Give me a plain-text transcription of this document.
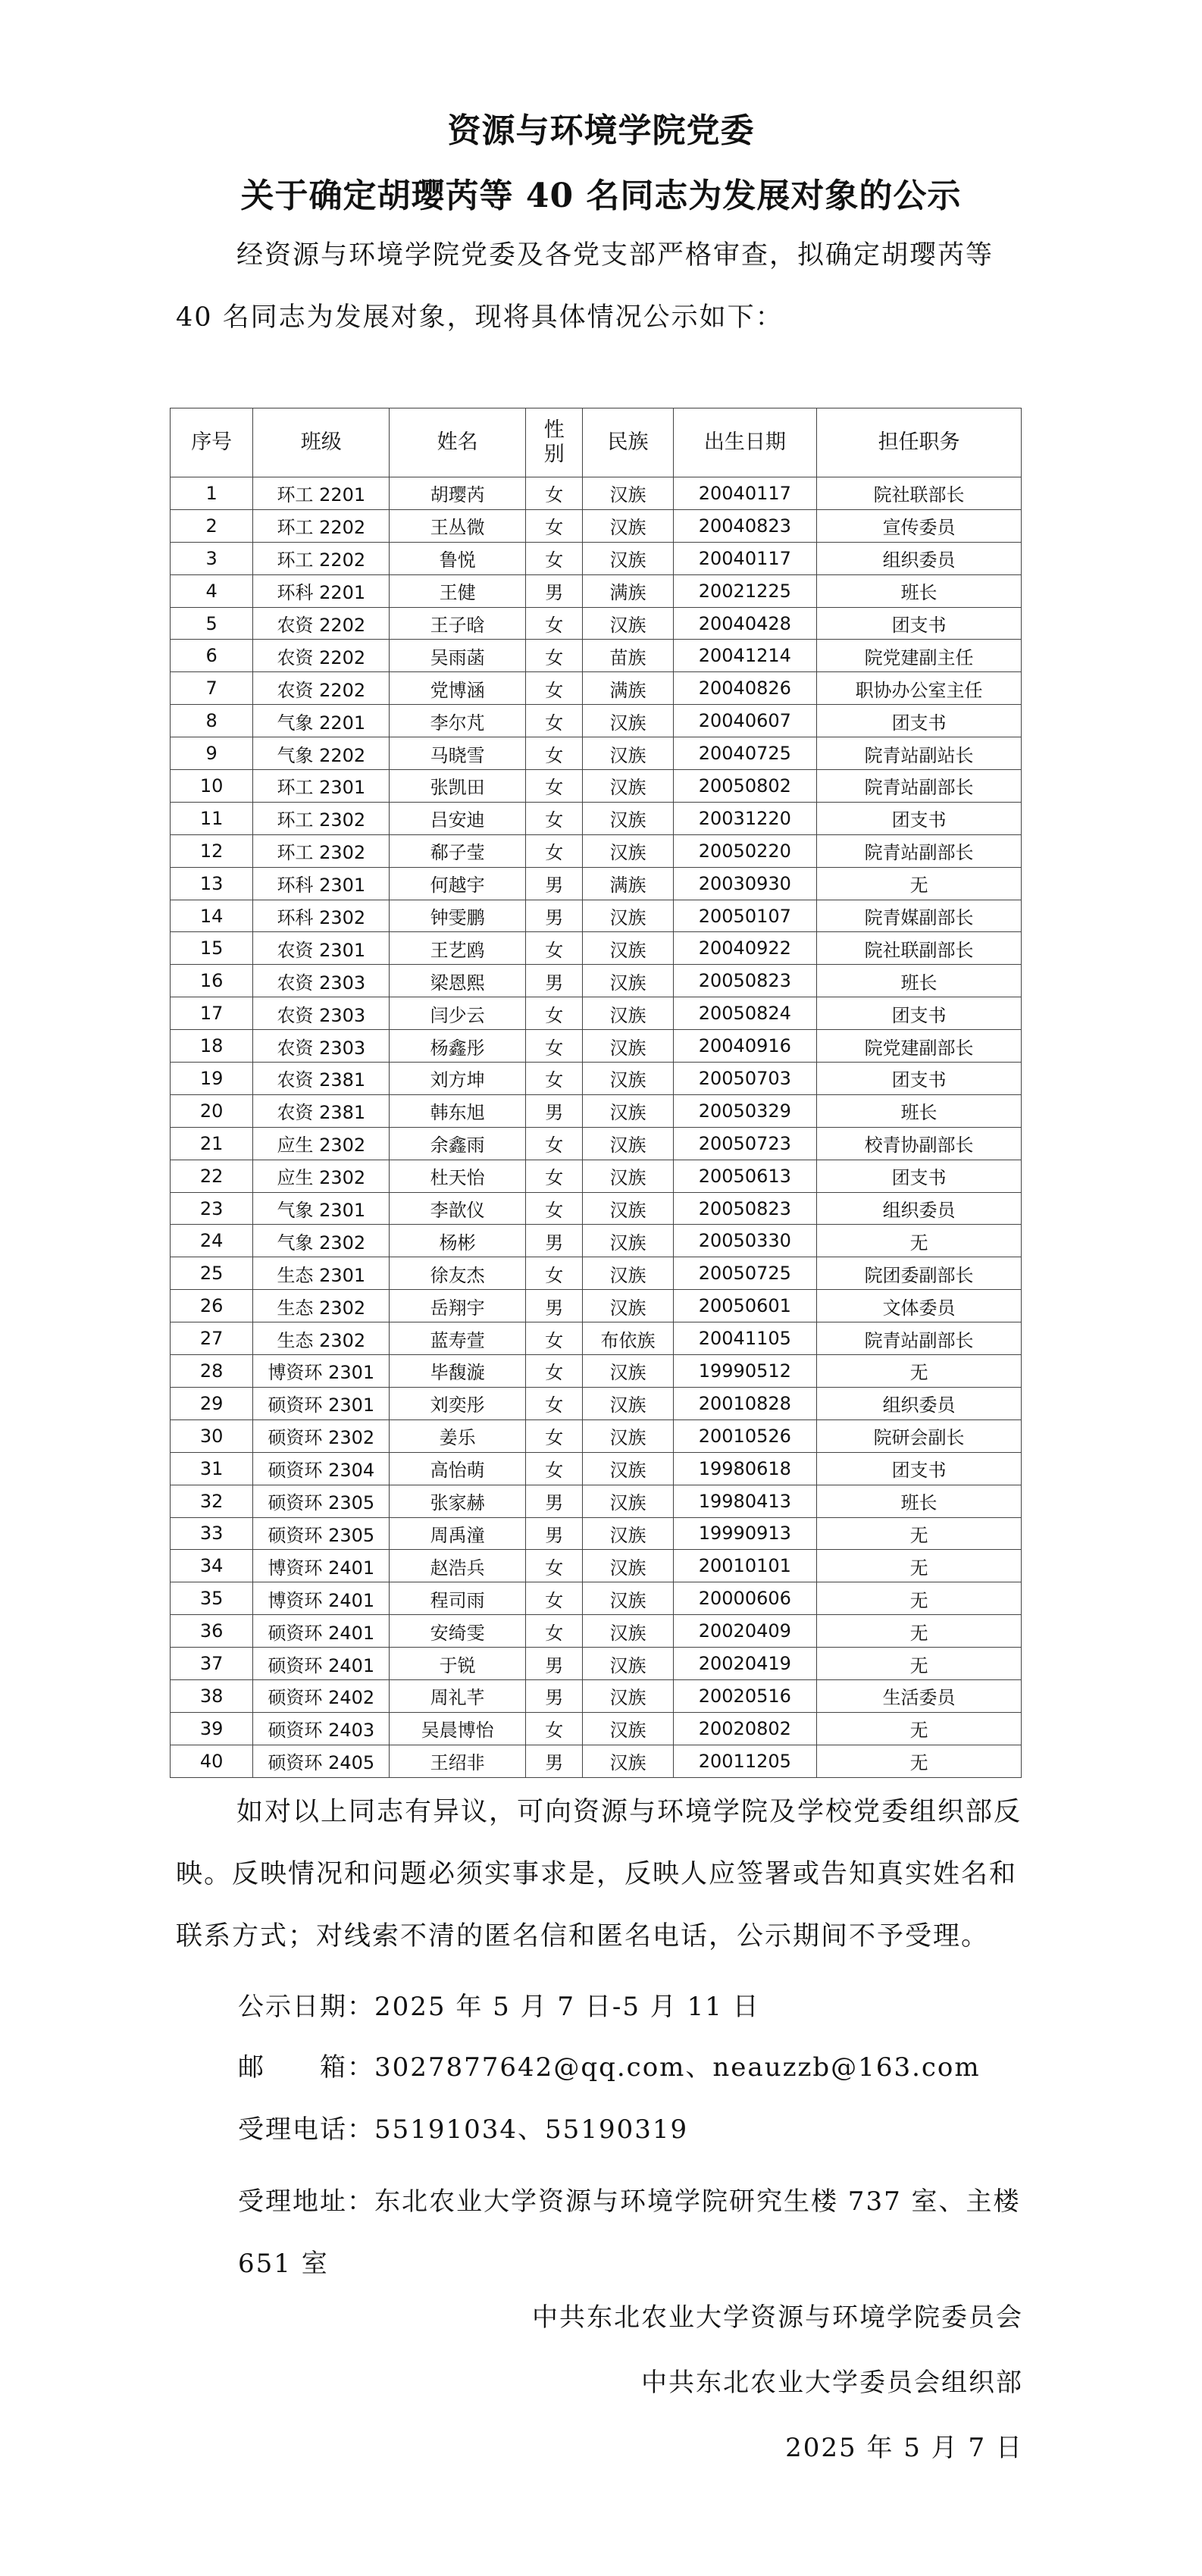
资源与环境学院党委
关于确定胡璎芮等 40 名同志为发展对象的公示
经资源与环境学院党委及各党支部严格审查，拟确定胡璎芮等 40 名同志为发展对象，现将具体情况公示如下：
序号	班级	姓名	性别	民族	出生日期	担任职务
1	环工 2201	胡璎芮	女	汉族	20040117	院社联部长
2	环工 2202	王丛微	女	汉族	20040823	宣传委员
3	环工 2202	鲁悦	女	汉族	20040117	组织委员
4	环科 2201	王健	男	满族	20021225	班长
5	农资 2202	王子晗	女	汉族	20040428	团支书
6	农资 2202	吴雨菡	女	苗族	20041214	院党建副主任
7	农资 2202	党博涵	女	满族	20040826	职协办公室主任
8	气象 2201	李尔芃	女	汉族	20040607	团支书
9	气象 2202	马晓雪	女	汉族	20040725	院青站副站长
10	环工 2301	张凯田	女	汉族	20050802	院青站副部长
11	环工 2302	吕安迪	女	汉族	20031220	团支书
12	环工 2302	郗子莹	女	汉族	20050220	院青站副部长
13	环科 2301	何越宇	男	满族	20030930	无
14	环科 2302	钟雯鹏	男	汉族	20050107	院青媒副部长
15	农资 2301	王艺鸥	女	汉族	20040922	院社联副部长
16	农资 2303	梁恩熙	男	汉族	20050823	班长
17	农资 2303	闫少云	女	汉族	20050824	团支书
18	农资 2303	杨鑫彤	女	汉族	20040916	院党建副部长
19	农资 2381	刘方坤	女	汉族	20050703	团支书
20	农资 2381	韩东旭	男	汉族	20050329	班长
21	应生 2302	余鑫雨	女	汉族	20050723	校青协副部长
22	应生 2302	杜天怡	女	汉族	20050613	团支书
23	气象 2301	李歆仪	女	汉族	20050823	组织委员
24	气象 2302	杨彬	男	汉族	20050330	无
25	生态 2301	徐友杰	女	汉族	20050725	院团委副部长
26	生态 2302	岳翔宇	男	汉族	20050601	文体委员
27	生态 2302	蓝寿萱	女	布依族	20041105	院青站副部长
28	博资环 2301	毕馥漩	女	汉族	19990512	无
29	硕资环 2301	刘奕彤	女	汉族	20010828	组织委员
30	硕资环 2302	姜乐	女	汉族	20010526	院研会副长
31	硕资环 2304	高怡萌	女	汉族	19980618	团支书
32	硕资环 2305	张家赫	男	汉族	19980413	班长
33	硕资环 2305	周禹潼	男	汉族	19990913	无
34	博资环 2401	赵浩兵	女	汉族	20010101	无
35	博资环 2401	程司雨	女	汉族	20000606	无
36	硕资环 2401	安绮雯	女	汉族	20020409	无
37	硕资环 2401	于锐	男	汉族	20020419	无
38	硕资环 2402	周礼芊	男	汉族	20020516	生活委员
39	硕资环 2403	吴晨博怡	女	汉族	20020802	无
40	硕资环 2405	王绍非	男	汉族	20011205	无
如对以上同志有异议，可向资源与环境学院及学校党委组织部反映。反映情况和问题必须实事求是，反映人应签署或告知真实姓名和联系方式；对线索不清的匿名信和匿名电话，公示期间不予受理。
公示日期：2025 年 5 月 7 日-5 月 11 日
邮　　箱：3027877642@qq.com、neauzzb@163.com
受理电话：55191034、55190319
受理地址：东北农业大学资源与环境学院研究生楼 737 室、主楼 651 室
中共东北农业大学资源与环境学院委员会
中共东北农业大学委员会组织部
2025 年 5 月 7 日
